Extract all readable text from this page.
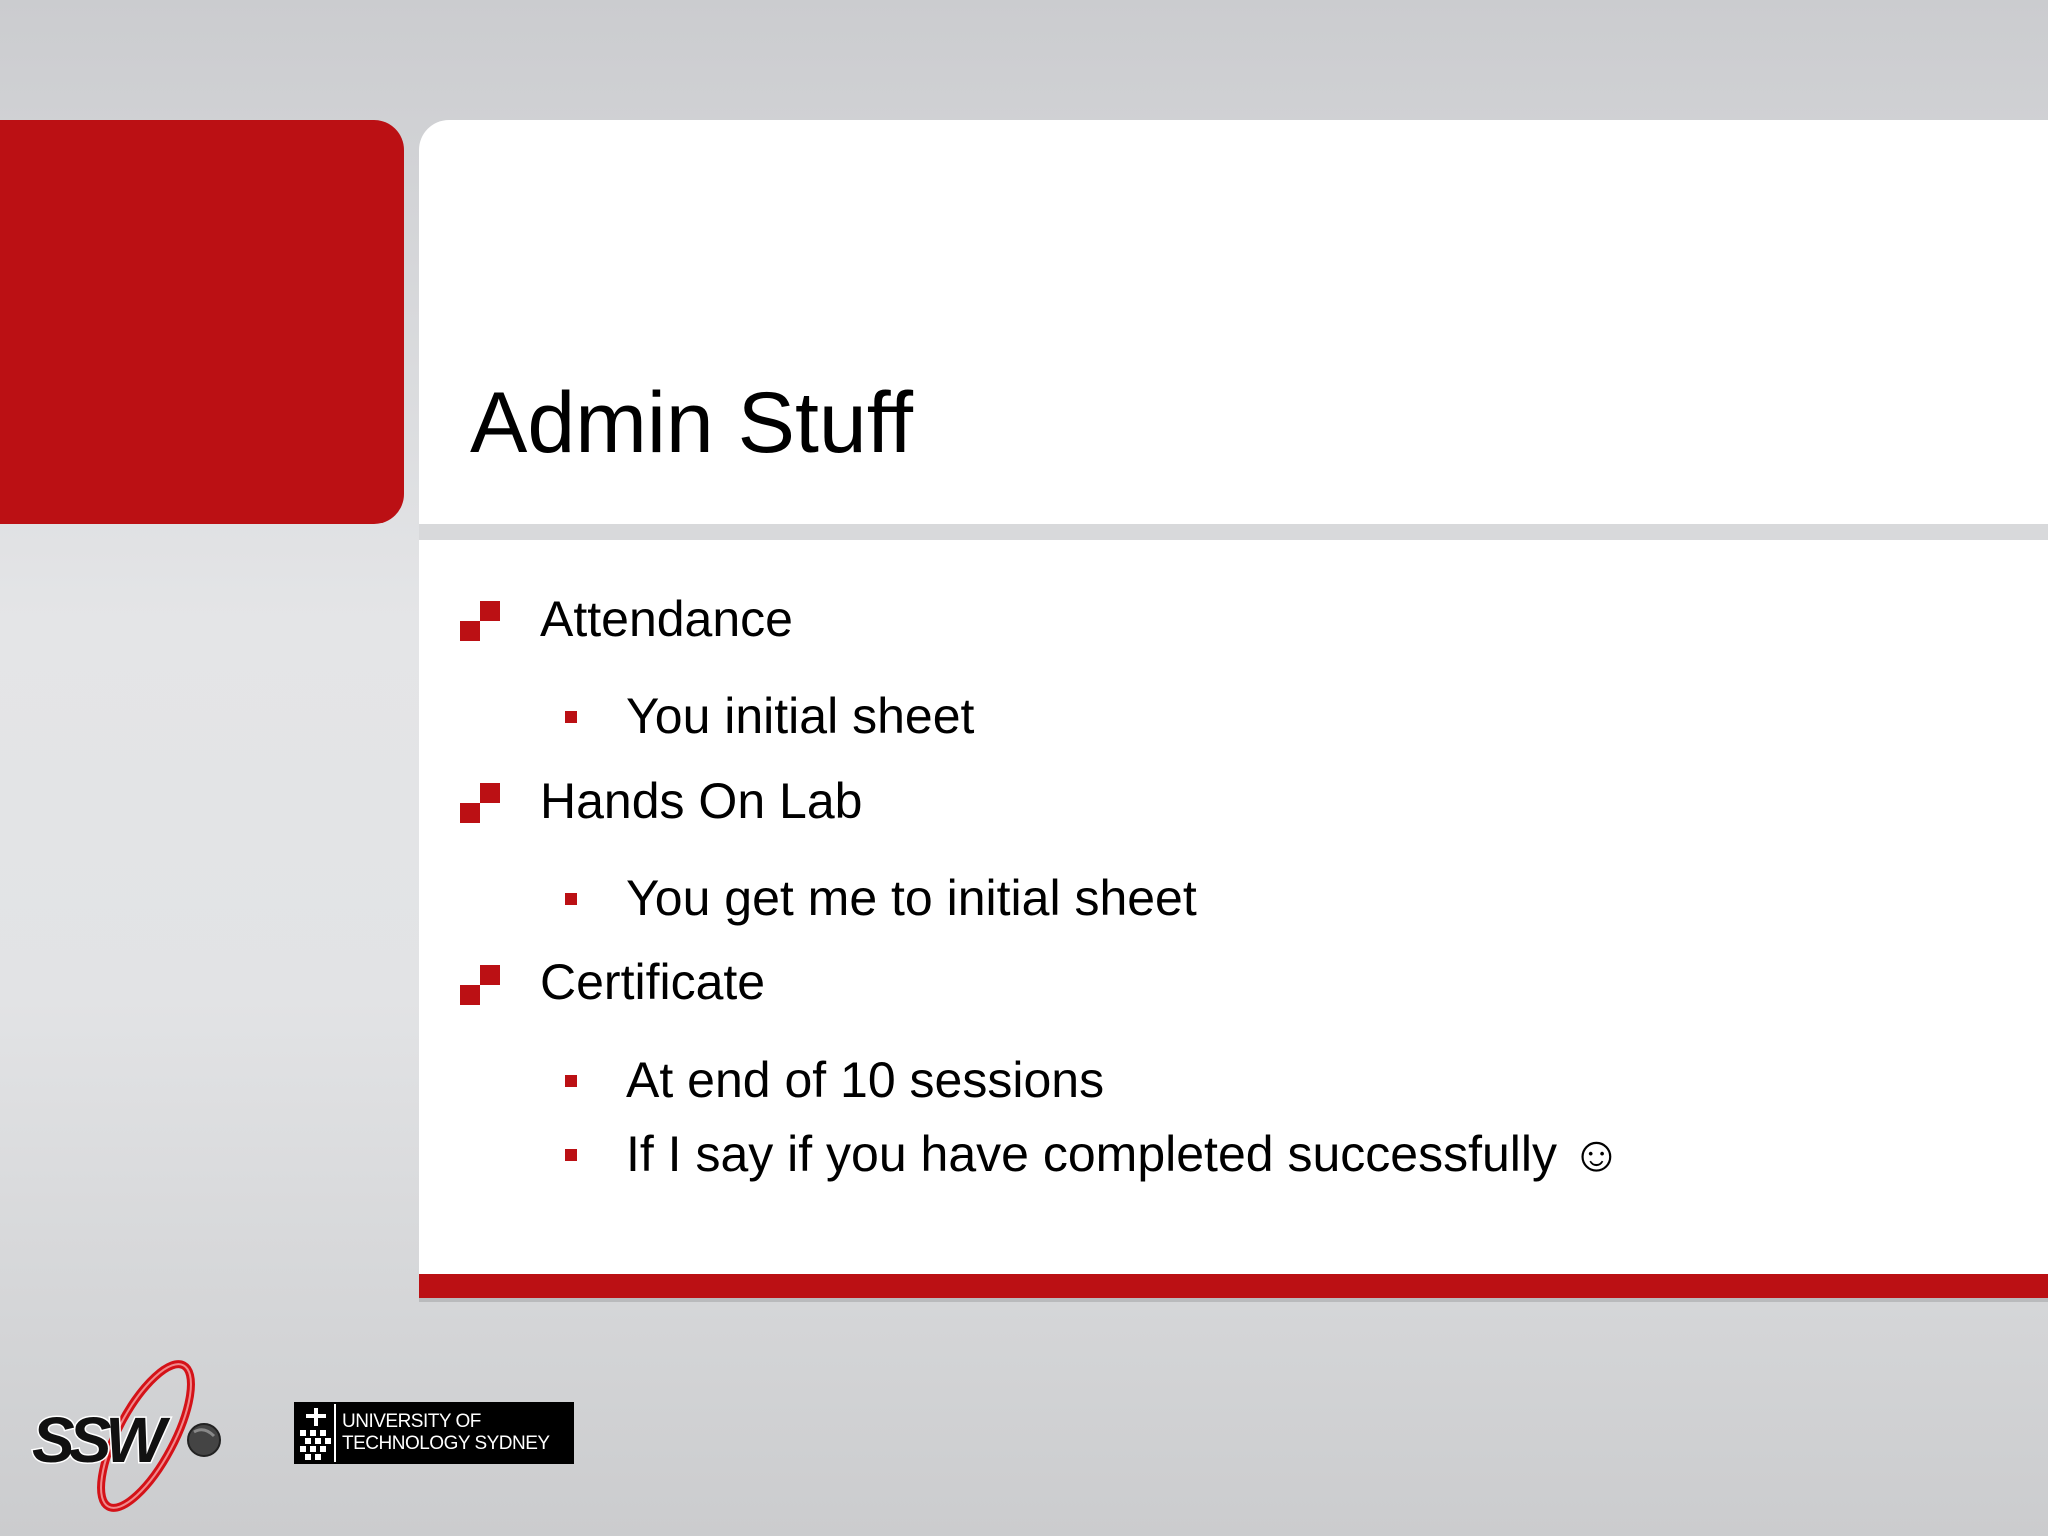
Admin Stuff
Attendance
You initial sheet
Hands On Lab
You get me to initial sheet
Certificate
At end of 10 sessions
If I say if you have completed successfully ☺
SSW	UNIVERSITY OF
TECHNOLOGY SYDNEY
